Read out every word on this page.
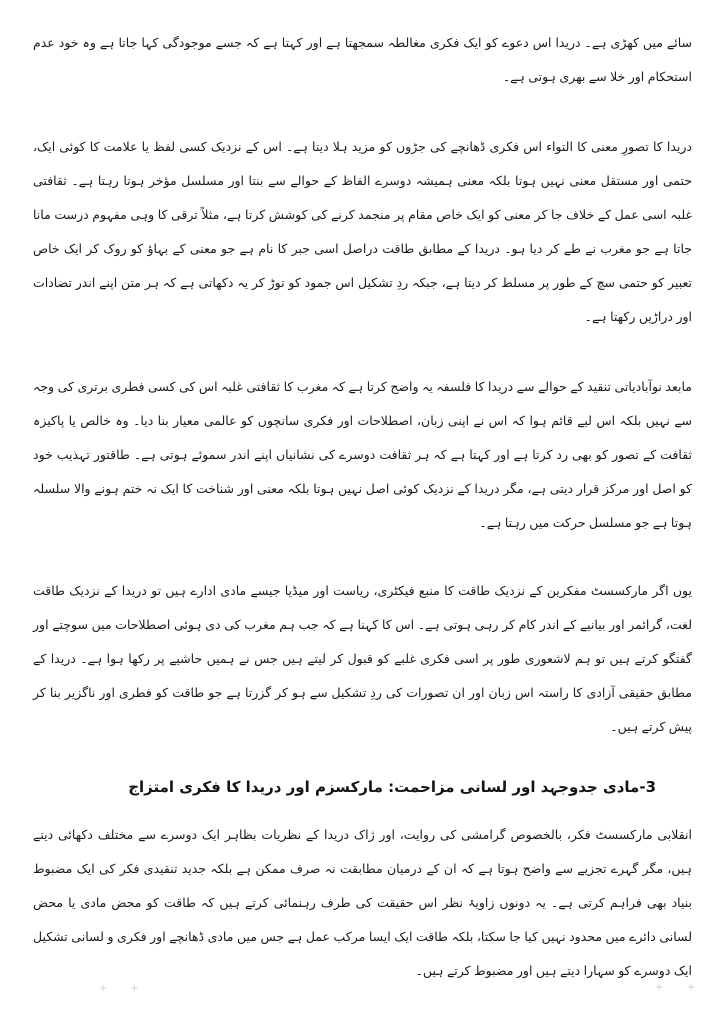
سائے میں کھڑی ہے۔ دریدا اس دعوے کو ایک فکری مغالطہ سمجھتا ہے اور کہتا ہے کہ جسے موجودگی کہا جاتا ہے وہ خود عدم استحکام اور خلا سے بھری ہوتی ہے۔

دریدا کا تصورِ معنی کا التواء اس فکری ڈھانچے کی جڑوں کو مزید ہلا دیتا ہے۔ اس کے نزدیک کسی لفظ یا علامت کا کوئی ایک، حتمی اور مستقل معنی نہیں ہوتا بلکہ معنی ہمیشہ دوسرے الفاظ کے حوالے سے بنتا اور مسلسل مؤخر ہوتا رہتا ہے۔ ثقافتی غلبہ اسی عمل کے خلاف جا کر معنی کو ایک خاص مقام پر منجمد کرنے کی کوشش کرتا ہے، مثلاً ترقی کا وہی مفہوم درست مانا جاتا ہے جو مغرب نے طے کر دیا ہو۔ دریدا کے مطابق طاقت دراصل اسی جبر کا نام ہے جو معنی کے بہاؤ کو روک کر ایک خاص تعبیر کو حتمی سچ کے طور پر مسلط کر دیتا ہے، جبکہ ردِ تشکیل اس جمود کو توڑ کر یہ دکھاتی ہے کہ ہر متن اپنے اندر تضادات اور دراڑیں رکھتا ہے۔

مابعد نوآبادیاتی تنقید کے حوالے سے دریدا کا فلسفہ یہ واضح کرتا ہے کہ مغرب کا ثقافتی غلبہ اس کی کسی فطری برتری کی وجہ سے نہیں بلکہ اس لیے قائم ہوا کہ اس نے اپنی زبان، اصطلاحات اور فکری سانچوں کو عالمی معیار بنا دیا۔ وہ خالص یا پاکیزہ ثقافت کے تصور کو بھی رد کرتا ہے اور کہتا ہے کہ ہر ثقافت دوسرے کی نشانیاں اپنے اندر سموئے ہوتی ہے۔ طاقتور تہذیب خود کو اصل اور مرکز قرار دیتی ہے، مگر دریدا کے نزدیک کوئی اصل نہیں ہوتا بلکہ معنی اور شناخت کا ایک نہ ختم ہونے والا سلسلہ ہوتا ہے جو مسلسل حرکت میں رہتا ہے۔

یوں اگر مارکسسٹ مفکرین کے نزدیک طاقت کا منبع فیکٹری، ریاست اور میڈیا جیسے مادی ادارے ہیں تو دریدا کے نزدیک طاقت لغت، گرائمر اور بیانیے کے اندر کام کر رہی ہوتی ہے۔ اس کا کہنا ہے کہ جب ہم مغرب کی دی ہوئی اصطلاحات میں سوچتے اور گفتگو کرتے ہیں تو ہم لاشعوری طور پر اسی فکری غلبے کو قبول کر لیتے ہیں جس نے ہمیں حاشیے پر رکھا ہوا ہے۔ دریدا کے مطابق حقیقی آزادی کا راستہ اس زبان اور ان تصورات کی ردِ تشکیل سے ہو کر گزرتا ہے جو طاقت کو فطری اور ناگزیر بنا کر پیش کرتے ہیں۔

3-مادی جدوجہد اور لسانی مزاحمت: مارکسزم اور دریدا کا فکری امتزاج

انقلابی مارکسسٹ فکر، بالخصوص گرامشی کی روایت، اور ژاک دریدا کے نظریات بظاہر ایک دوسرے سے مختلف دکھائی دیتے ہیں، مگر گہرے تجزیے سے واضح ہوتا ہے کہ ان کے درمیان مطابقت نہ صرف ممکن ہے بلکہ جدید تنقیدی فکر کی ایک مضبوط بنیاد بھی فراہم کرتی ہے۔ یہ دونوں زاویۂ نظر اس حقیقت کی طرف رہنمائی کرتے ہیں کہ طاقت کو محض مادی یا محض لسانی دائرے میں محدود نہیں کیا جا سکتا، بلکہ طاقت ایک ایسا مرکب عمل ہے جس میں مادی ڈھانچے اور فکری و لسانی تشکیل ایک دوسرے کو سہارا دیتے ہیں اور مضبوط کرتے ہیں۔

+ +	+ +
